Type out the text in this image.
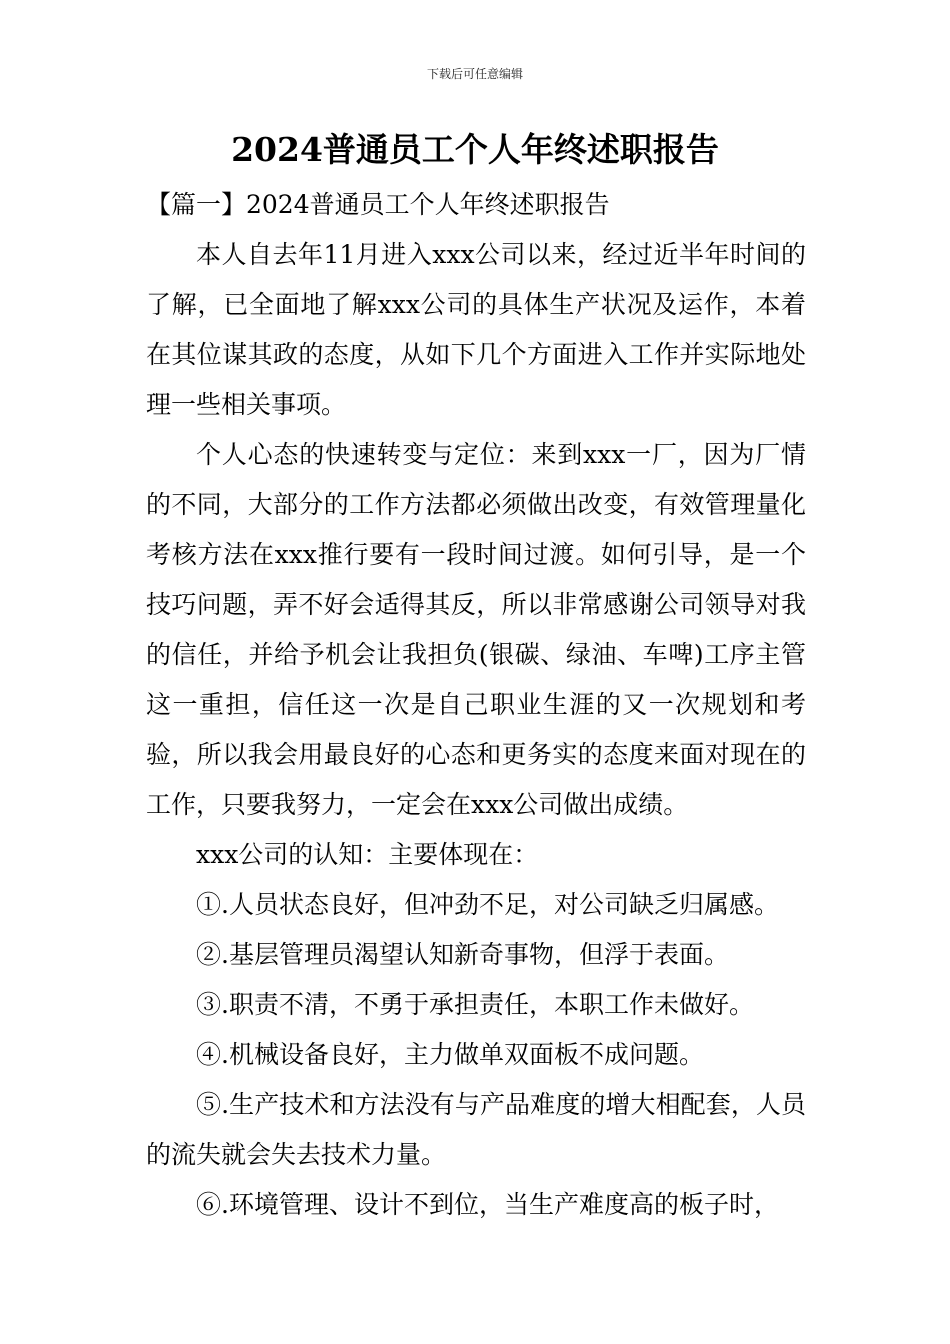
下载后可任意编辑
2024普通员工个人年终述职报告

【篇一】2024普通员工个人年终述职报告

本人自去年11月进入xxx公司以来，经过近半年时间的了解，已全面地了解xxx公司的具体生产状况及运作，本着在其位谋其政的态度，从如下几个方面进入工作并实际地处理一些相关事项。

个人心态的快速转变与定位：来到xxx一厂，因为厂情的不同，大部分的工作方法都必须做出改变，有效管理量化考核方法在xxx推行要有一段时间过渡。如何引导，是一个技巧问题，弄不好会适得其反，所以非常感谢公司领导对我的信任，并给予机会让我担负(银碳、绿油、车啤)工序主管这一重担，信任这一次是自己职业生涯的又一次规划和考验，所以我会用最良好的心态和更务实的态度来面对现在的工作，只要我努力，一定会在xxx公司做出成绩。

xxx公司的认知：主要体现在：

①.人员状态良好，但冲劲不足，对公司缺乏归属感。

②.基层管理员渴望认知新奇事物，但浮于表面。

③.职责不清，不勇于承担责任，本职工作未做好。

④.机械设备良好，主力做单双面板不成问题。

⑤.生产技术和方法没有与产品难度的增大相配套，人员的流失就会失去技术力量。

⑥.环境管理、设计不到位，当生产难度高的板子时，
